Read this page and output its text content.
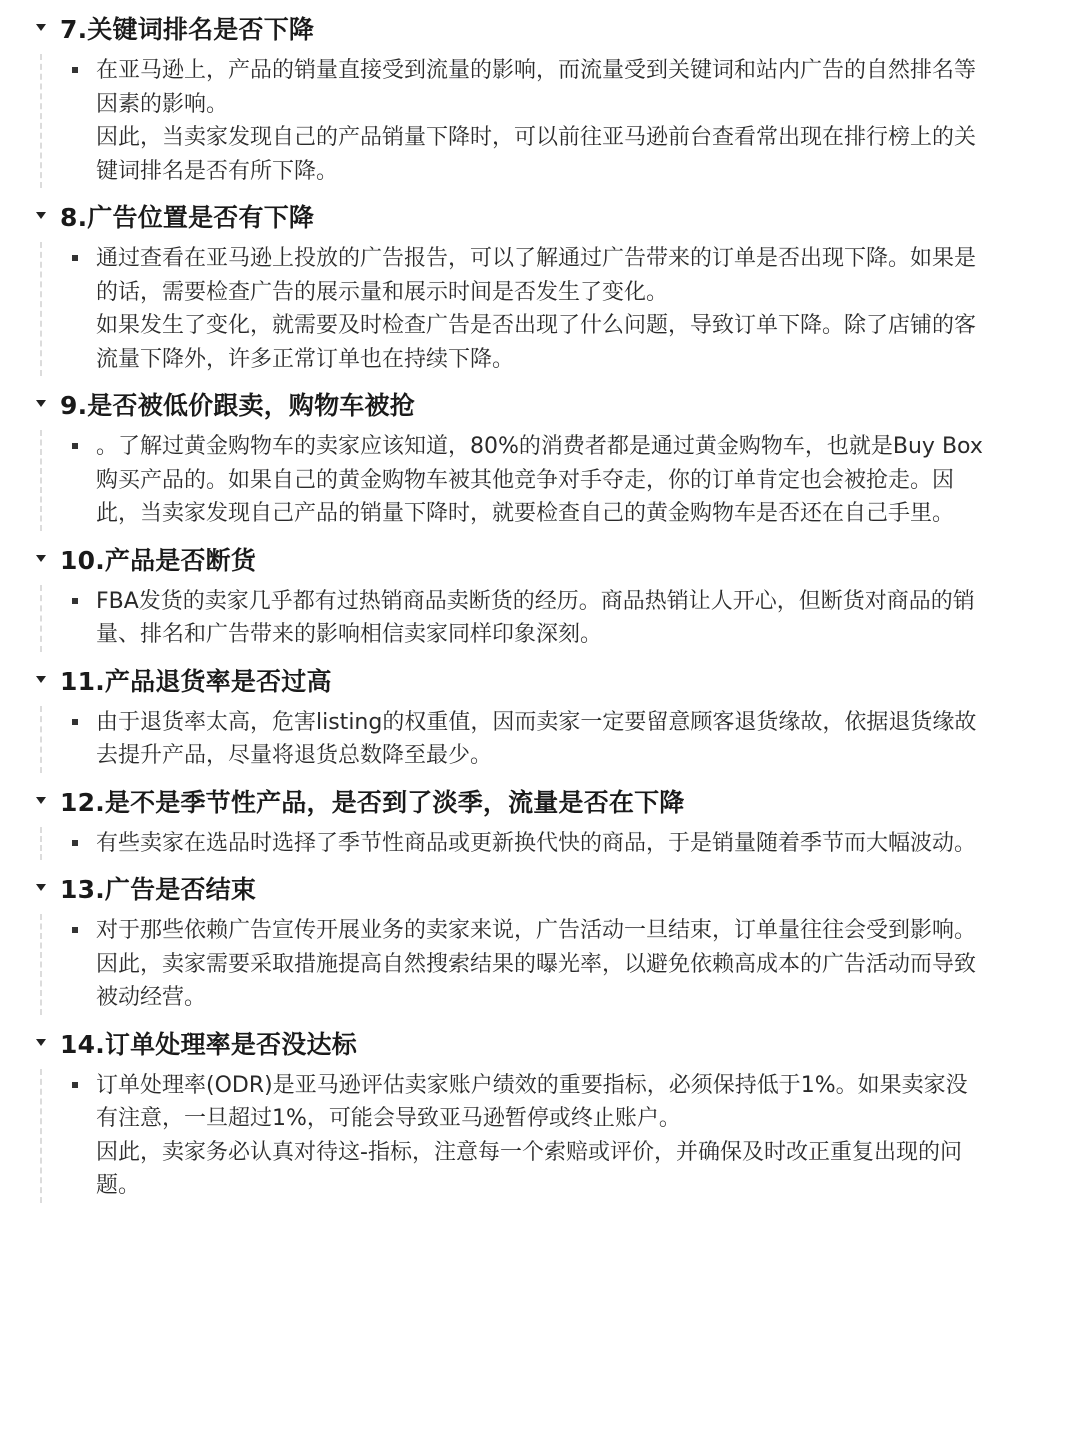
7.关键词排名是否下降

在亚马逊上，产品的销量直接受到流量的影响，而流量受到关键词和站内广告的自然排名等因素的影响。

因此，当卖家发现自己的产品销量下降时，可以前往亚马逊前台查看常出现在排行榜上的关键词排名是否有所下降。

8.广告位置是否有下降

通过查看在亚马逊上投放的广告报告，可以了解通过广告带来的订单是否出现下降。如果是的话，需要检查广告的展示量和展示时间是否发生了变化。

如果发生了变化，就需要及时检查广告是否出现了什么问题，导致订单下降。除了店铺的客流量下降外，许多正常订单也在持续下降。

9.是否被低价跟卖，购物车被抢

。了解过黄金购物车的卖家应该知道，80%的消费者都是通过黄金购物车，也就是Buy Box购买产品的。如果自己的黄金购物车被其他竞争对手夺走，你的订单肯定也会被抢走。因此，当卖家发现自己产品的销量下降时，就要检查自己的黄金购物车是否还在自己手里。

10.产品是否断货

FBA发货的卖家几乎都有过热销商品卖断货的经历。商品热销让人开心，但断货对商品的销量、排名和广告带来的影响相信卖家同样印象深刻。

11.产品退货率是否过高

由于退货率太高，危害listing的权重值，因而卖家一定要留意顾客退货缘故，依据退货缘故去提升产品，尽量将退货总数降至最少。

12.是不是季节性产品，是否到了淡季，流量是否在下降

有些卖家在选品时选择了季节性商品或更新换代快的商品，于是销量随着季节而大幅波动。

13.广告是否结束

对于那些依赖广告宣传开展业务的卖家来说，广告活动一旦结束，订单量往往会受到影响。因此，卖家需要采取措施提高自然搜索结果的曝光率，以避免依赖高成本的广告活动而导致被动经营。

14.订单处理率是否没达标

订单处理率(ODR)是亚马逊评估卖家账户绩效的重要指标，必须保持低于1%。如果卖家没有注意，一旦超过1%，可能会导致亚马逊暂停或终止账户。

因此，卖家务必认真对待这-指标，注意每一个索赔或评价，并确保及时改正重复出现的问题。
